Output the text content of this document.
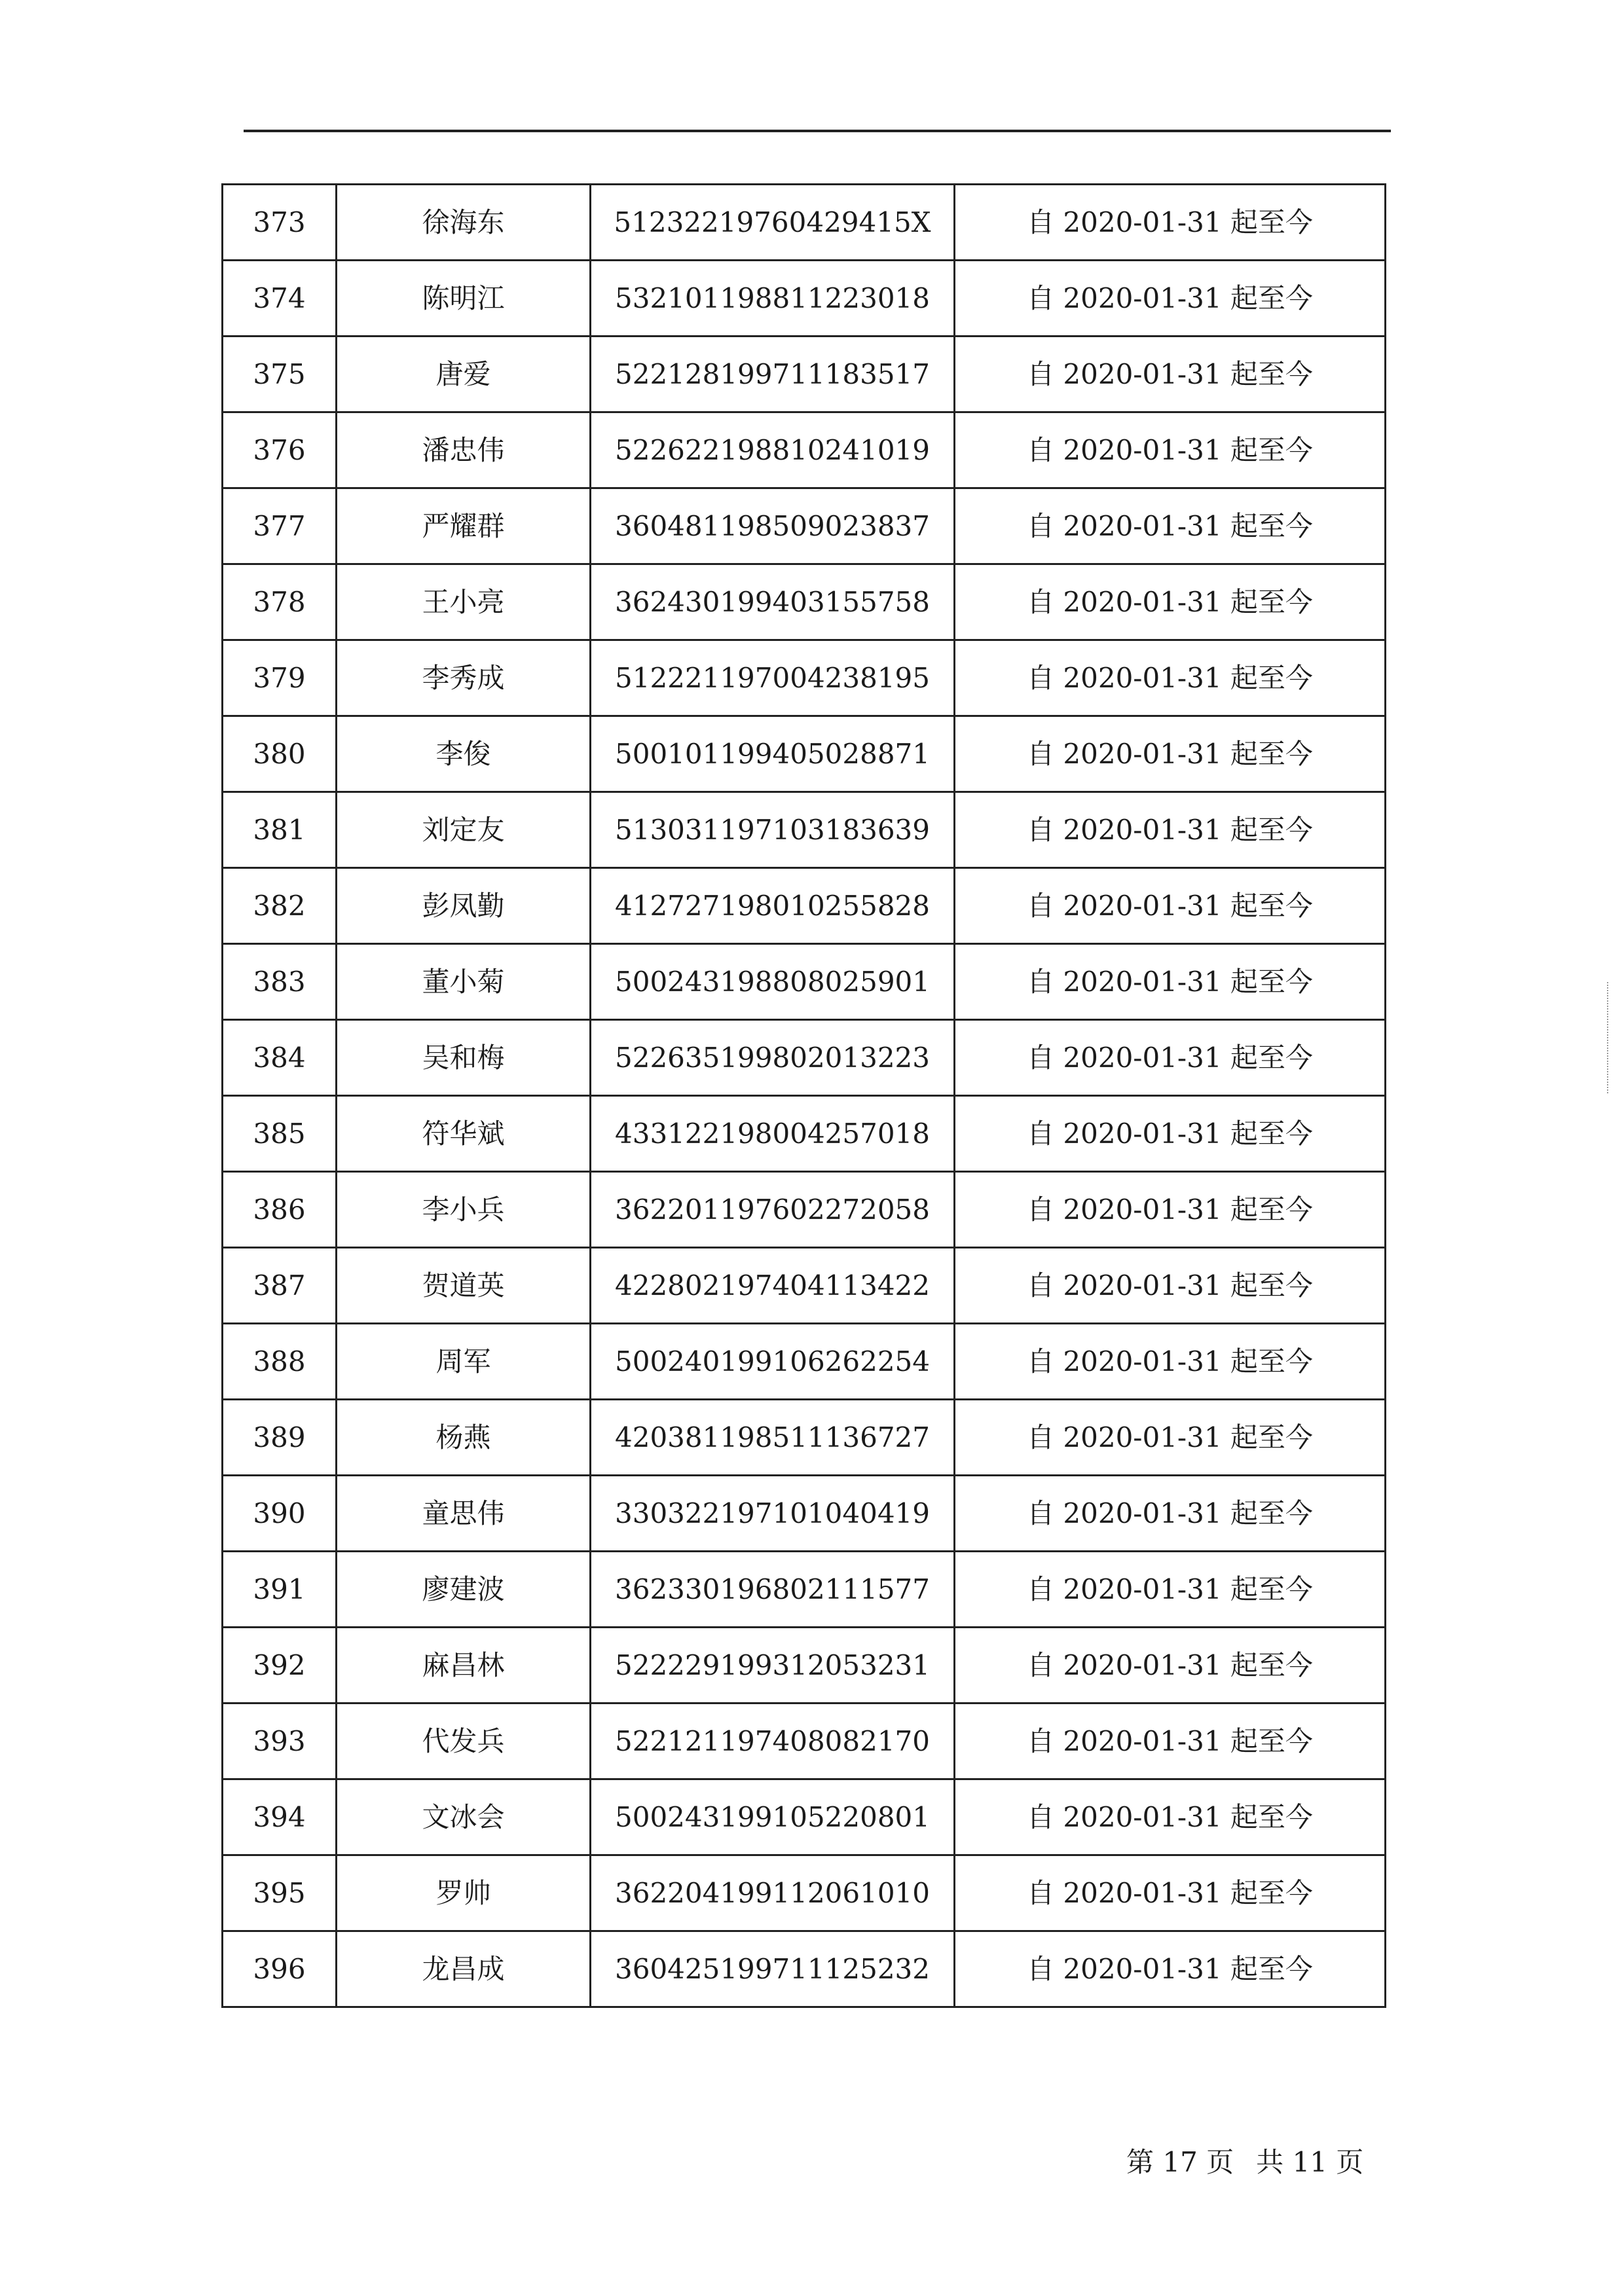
373	徐海东	51232219760429415X	自 2020-01-31 起至今
374	陈明江	532101198811223018	自 2020-01-31 起至今
375	唐爱	522128199711183517	自 2020-01-31 起至今
376	潘忠伟	522622198810241019	自 2020-01-31 起至今
377	严耀群	360481198509023837	自 2020-01-31 起至今
378	王小亮	362430199403155758	自 2020-01-31 起至今
379	李秀成	512221197004238195	自 2020-01-31 起至今
380	李俊	500101199405028871	自 2020-01-31 起至今
381	刘定友	513031197103183639	自 2020-01-31 起至今
382	彭凤勤	412727198010255828	自 2020-01-31 起至今
383	董小菊	500243198808025901	自 2020-01-31 起至今
384	吴和梅	522635199802013223	自 2020-01-31 起至今
385	符华斌	433122198004257018	自 2020-01-31 起至今
386	李小兵	362201197602272058	自 2020-01-31 起至今
387	贺道英	422802197404113422	自 2020-01-31 起至今
388	周军	500240199106262254	自 2020-01-31 起至今
389	杨燕	420381198511136727	自 2020-01-31 起至今
390	童思伟	330322197101040419	自 2020-01-31 起至今
391	廖建波	362330196802111577	自 2020-01-31 起至今
392	麻昌林	522229199312053231	自 2020-01-31 起至今
393	代发兵	522121197408082170	自 2020-01-31 起至今
394	文冰会	500243199105220801	自 2020-01-31 起至今
395	罗帅	362204199112061010	自 2020-01-31 起至今
396	龙昌成	360425199711125232	自 2020-01-31 起至今
第 17 页 共 11 页
